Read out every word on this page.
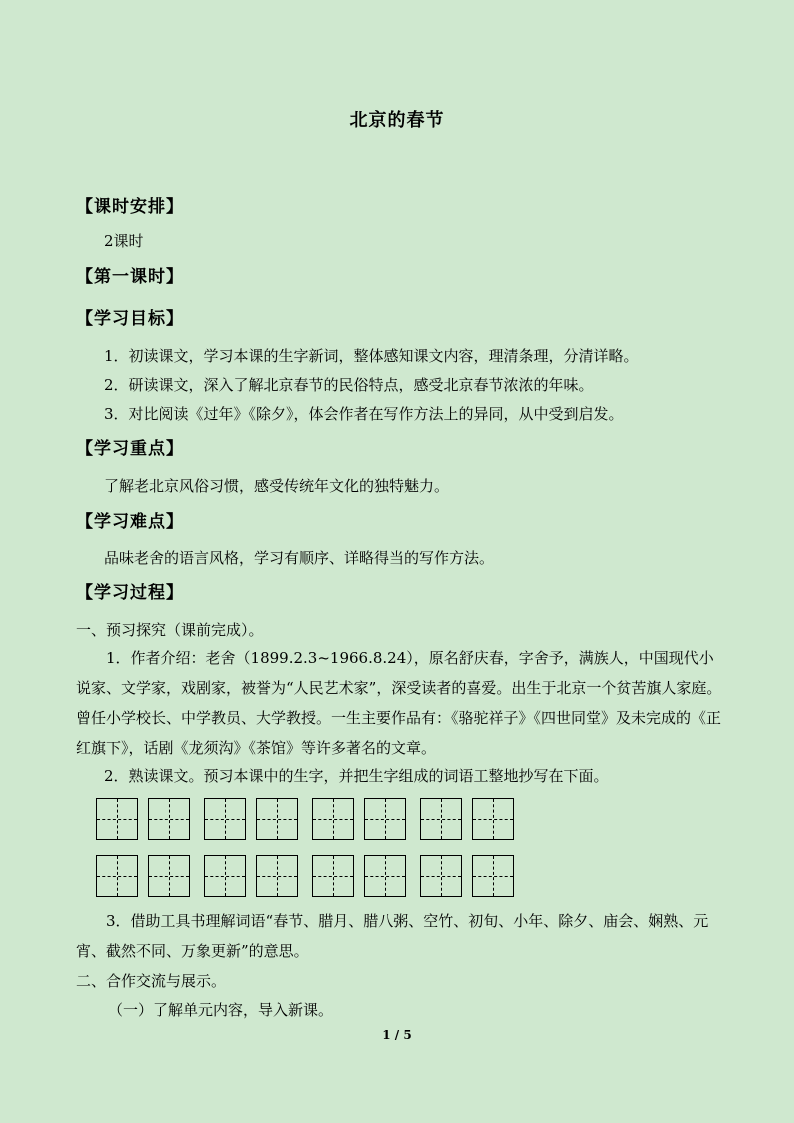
北京的春节
【课时安排】
2课时
【第一课时】
【学习目标】
1．初读课文，学习本课的生字新词，整体感知课文内容，理清条理，分清详略。
2．研读课文，深入了解北京春节的民俗特点，感受北京春节浓浓的年味。
3．对比阅读《过年》《除夕》，体会作者在写作方法上的异同，从中受到启发。
【学习重点】
了解老北京风俗习惯，感受传统年文化的独特魅力。
【学习难点】
品味老舍的语言风格，学习有顺序、详略得当的写作方法。
【学习过程】
一、预习探究（课前完成）。
1．作者介绍：老舍（1899.2.3~1966.8.24），原名舒庆春，字舍予，满族人，中国现代小说家、文学家，戏剧家，被誉为“人民艺术家”，深受读者的喜爱。出生于北京一个贫苦旗人家庭。曾任小学校长、中学教员、大学教授。一生主要作品有：《骆驼祥子》《四世同堂》及未完成的《正红旗下》，话剧《龙须沟》《茶馆》等许多著名的文章。
2．熟读课文。预习本课中的生字，并把生字组成的词语工整地抄写在下面。
3．借助工具书理解词语“春节、腊月、腊八粥、空竹、初旬、小年、除夕、庙会、娴熟、元宵、截然不同、万象更新”的意思。
二、合作交流与展示。
（一）了解单元内容，导入新课。
1 / 5
